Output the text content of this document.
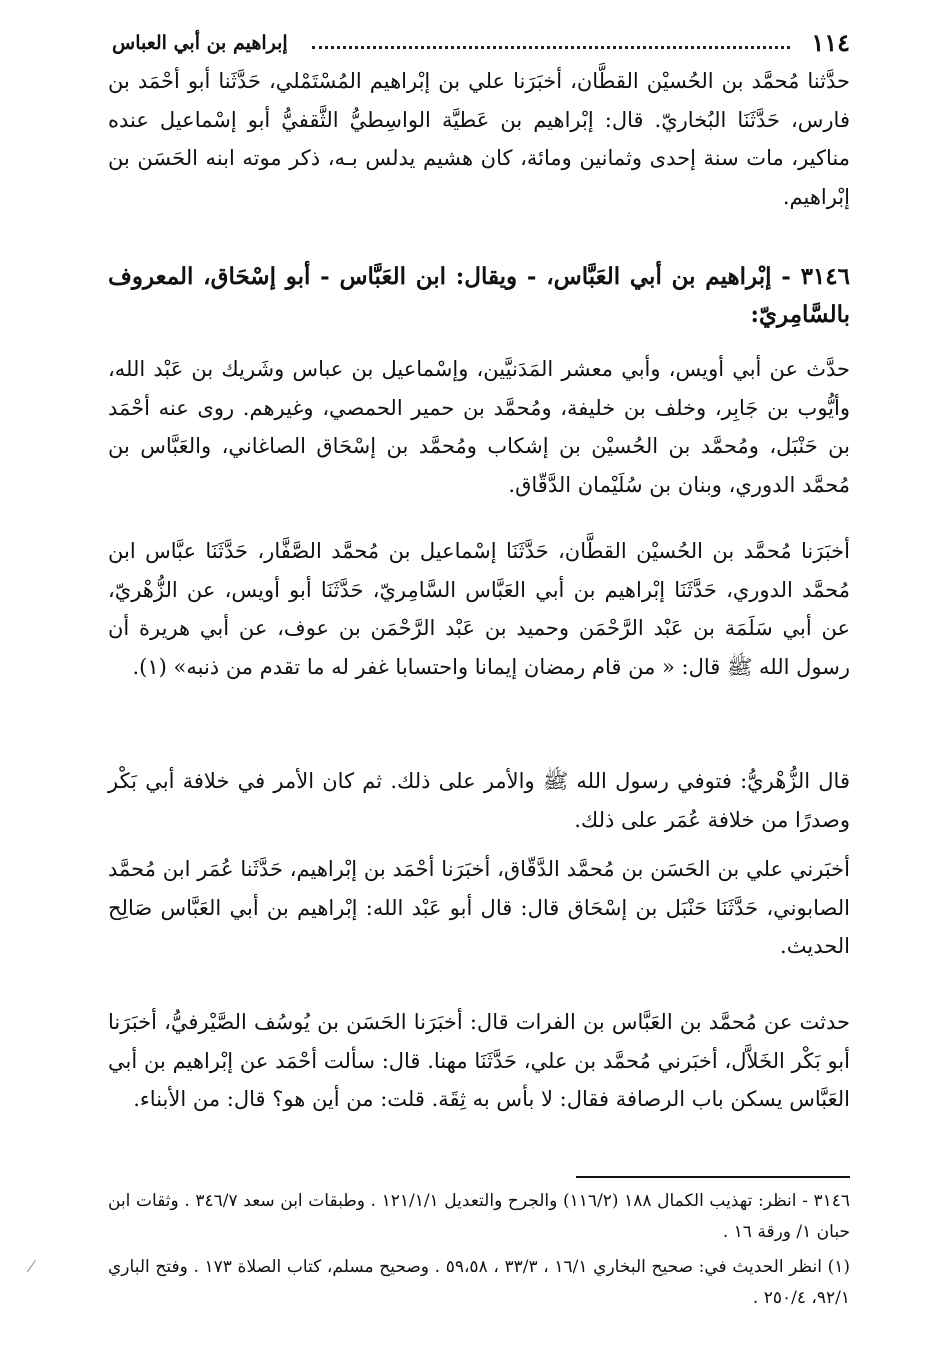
١١٤
إبراهيم بن أبي العباس

حدَّثنا مُحمَّد بن الحُسيْن القطَّان، أخبَرَنا علي بن إبْراهيم المُسْتَمْلي، حَدَّثَنا أبو أحْمَد بن فارس، حَدَّثَنَا البُخاريّ. قال: إبْراهيم بن عَطيَّة الواسِطيُّ الثَّقفيُّ أبو إسْماعيل عنده مناكير، مات سنة إحدى وثمانين ومائة، كان هشيم يدلس بـه، ذكر موته ابنه الحَسَن بن إبْراهيم.

٣١٤٦ - إبْراهيم بن أبي العَبَّاس، - ويقال: ابن العَبَّاس - أبو إسْحَاق، المعروف بالسَّامِريّ:

حدَّث عن أبي أويس، وأبي معشر المَدَنيَّين، وإسْماعيل بن عباس وشَريك بن عَبْد الله، وأيُّوب بن جَابِر، وخلف بن خليفة، ومُحمَّد بن حمير الحمصي، وغيرهم. روى عنه أحْمَد بن حَنْبَل، ومُحمَّد بن الحُسيْن بن إشكاب ومُحمَّد بن إسْحَاق الصاغاني، والعَبَّاس بن مُحمَّد الدوري، وبنان بن سُلَيْمان الدَّقّاق.

أخبَرَنا مُحمَّد بن الحُسيْن القطَّان، حَدَّثَنَا إسْماعيل بن مُحمَّد الصَّفَّار، حَدَّثَنَا عبَّاس ابن مُحمَّد الدوري، حَدَّثَنَا إبْراهيم بن أبي العَبَّاس السَّامِريّ، حَدَّثَنَا أبو أويس، عن الزُّهْريّ، عن أبي سَلَمَة بن عَبْد الرَّحْمَن وحميد بن عَبْد الرَّحْمَن بن عوف، عن أبي هريرة أن رسول الله ﷺ قال: « من قام رمضان إيمانا واحتسابا غفر له ما تقدم من ذنبه» (١).

قال الزُّهْريُّ: فتوفي رسول الله ﷺ والأمر على ذلك. ثم كان الأمر في خلافة أبي بَكْر وصدرًا من خلافة عُمَر على ذلك.

أخبَرني علي بن الحَسَن بن مُحمَّد الدَّقّاق، أخبَرَنا أحْمَد بن إبْراهيم، حَدَّثَنا عُمَر ابن مُحمَّد الصابوني، حَدَّثَنَا حَنْبَل بن إسْحَاق قال: قال أبو عَبْد الله: إبْراهيم بن أبي العَبَّاس صَالِح الحديث.

حدثت عن مُحمَّد بن العَبَّاس بن الفرات قال: أخبَرَنا الحَسَن بن يُوسُف الصَّيْرفيُّ، أخبَرَنا أبو بَكْر الخَلاَّل، أخبَرني مُحمَّد بن علي، حَدَّثَنَا مهنا. قال: سألت أحْمَد عن إبْراهيم بن أبي العَبَّاس يسكن باب الرصافة فقال: لا بأس به ثِقَة. قلت: من أين هو؟ قال: من الأبناء.

٣١٤٦ - انظر: تهذيب الكمال ١٨٨ (١١٦/٢) والجرح والتعديل ١٢١/١/١ . وطبقات ابن سعد ٣٤٦/٧ . وثقات ابن حبان ١/ ورقة ١٦ .

(١) انظر الحديث في: صحيح البخاري ١٦/١ ، ٣٣/٣ ، ٥٩،٥٨ . وصحيح مسلم، كتاب الصلاة ١٧٣ . وفتح الباري ٩٢/١، ٢٥٠/٤ .
